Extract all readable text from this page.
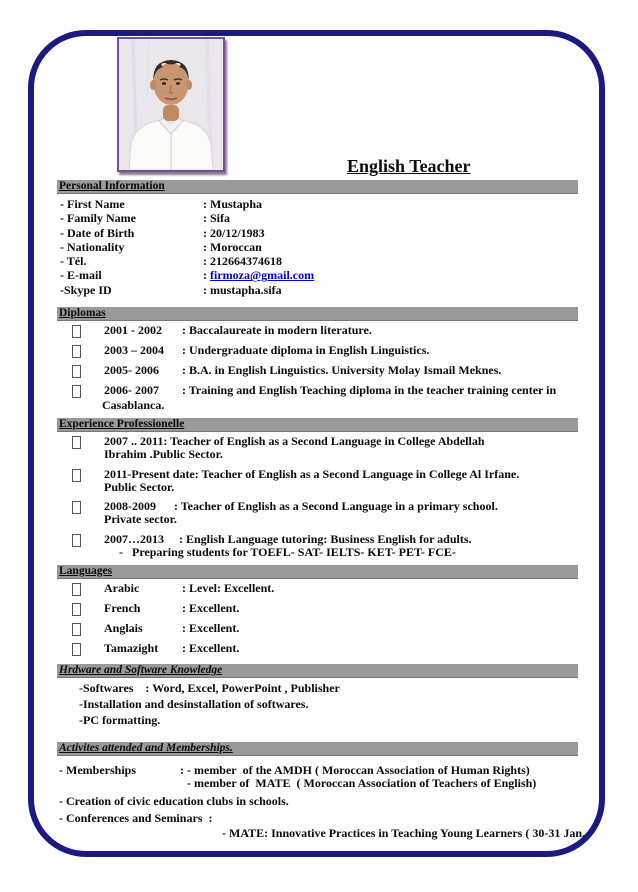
English Teacher
Personal Information
- First Name	: Mustapha
- Family Name	: Sifa
- Date of Birth	: 20/12/1983
- Nationality	: Moroccan
- Tél.	: 212664374618
- E-mail	: firmoza@gmail.com
-Skype ID	: mustapha.sifa
Diplomas
2001 - 2002	: Baccalaureate in modern literature.
2003 – 2004	: Undergraduate diploma in English Linguistics.
2005- 2006	: B.A. in English Linguistics. University Molay Ismail Meknes.
2006- 2007	: Training and English Teaching diploma in the teacher training center in
Casablanca.
Experience Professionelle
2007 .. 2011: Teacher of English as a Second Language in College Abdellah
Ibrahim .Public Sector.
2011-Present date: Teacher of English as a Second Language in College Al Irfane.
Public Sector.
2008-2009      : Teacher of English as a Second Language in a primary school.
Private sector.
2007…2013     : English Language tutoring: Business English for adults.
-   Preparing students for TOEFL- SAT- IELTS- KET- PET- FCE-
Languages
Arabic	: Level: Excellent.
French	: Excellent.
Anglais	: Excellent.
Tamazight	: Excellent.
Hrdware and Software Knowledge
-Softwares    : Word, Excel, PowerPoint , Publisher
-Installation and desinstallation of softwares.
-PC formatting.
Activites attended and Memberships.
- Memberships	: - member  of the AMDH ( Moroccan Association of Human Rights)
- member of  MATE  ( Moroccan Association of Teachers of English)
- Creation of civic education clubs in schools.
- Conferences and Seminars  :
- MATE: Innovative Practices in Teaching Young Learners ( 30-31 Jan.
